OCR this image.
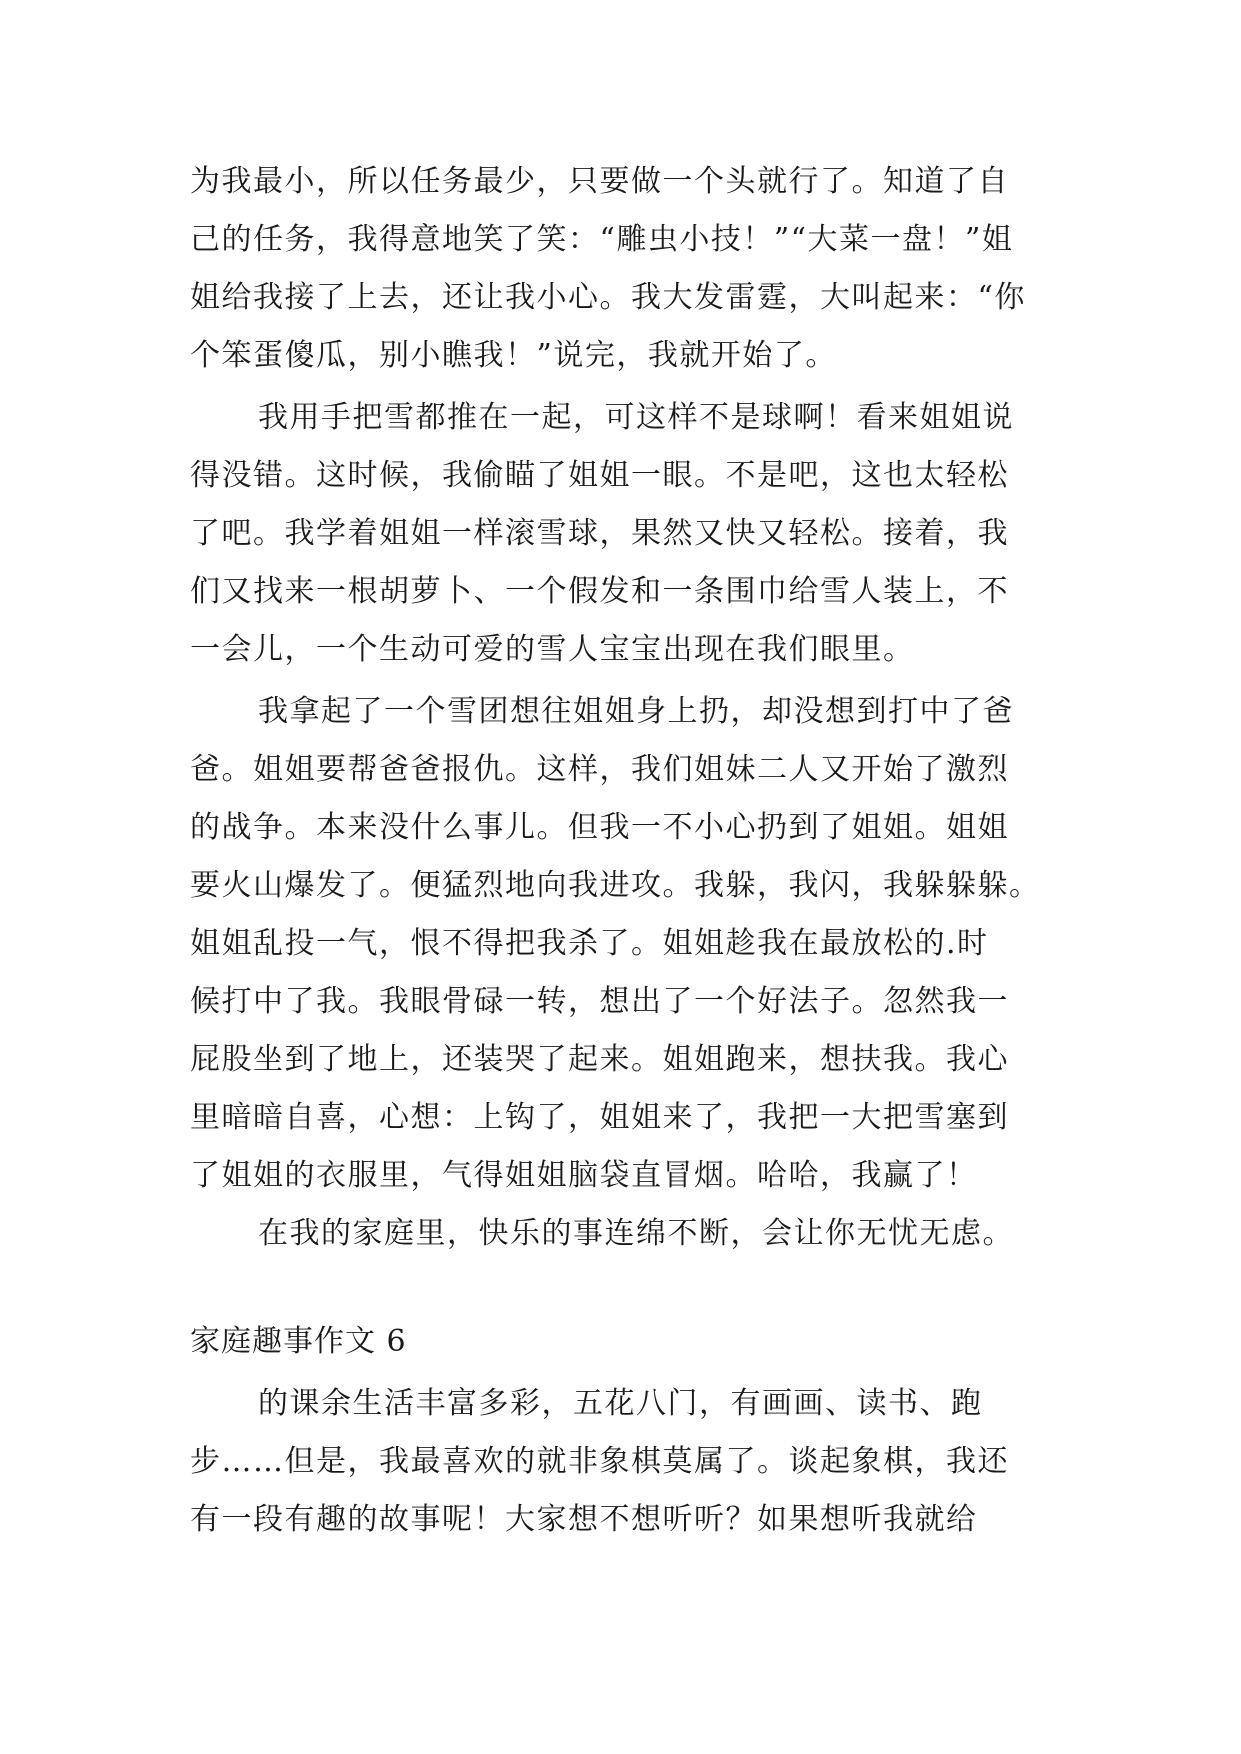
为我最小，所以任务最少，只要做一个头就行了。知道了自
己的任务，我得意地笑了笑：“雕虫小技！”“大菜一盘！”姐
姐给我接了上去，还让我小心。我大发雷霆，大叫起来：“你
个笨蛋傻瓜，别小瞧我！”说完，我就开始了。
我用手把雪都推在一起，可这样不是球啊！看来姐姐说
得没错。这时候，我偷瞄了姐姐一眼。不是吧，这也太轻松
了吧。我学着姐姐一样滚雪球，果然又快又轻松。接着，我
们又找来一根胡萝卜、一个假发和一条围巾给雪人装上，不
一会儿，一个生动可爱的雪人宝宝出现在我们眼里。
我拿起了一个雪团想往姐姐身上扔，却没想到打中了爸
爸。姐姐要帮爸爸报仇。这样，我们姐妹二人又开始了激烈
的战争。本来没什么事儿。但我一不小心扔到了姐姐。姐姐
要火山爆发了。便猛烈地向我进攻。我躲，我闪，我躲躲躲。
姐姐乱投一气，恨不得把我杀了。姐姐趁我在最放松的.时
候打中了我。我眼骨碌一转，想出了一个好法子。忽然我一
屁股坐到了地上，还装哭了起来。姐姐跑来，想扶我。我心
里暗暗自喜，心想：上钩了，姐姐来了，我把一大把雪塞到
了姐姐的衣服里，气得姐姐脑袋直冒烟。哈哈，我赢了！
在我的家庭里，快乐的事连绵不断，会让你无忧无虑。
家庭趣事作文 6
的课余生活丰富多彩，五花八门，有画画、读书、跑
步……但是，我最喜欢的就非象棋莫属了。谈起象棋，我还
有一段有趣的故事呢！大家想不想听听？如果想听我就给
